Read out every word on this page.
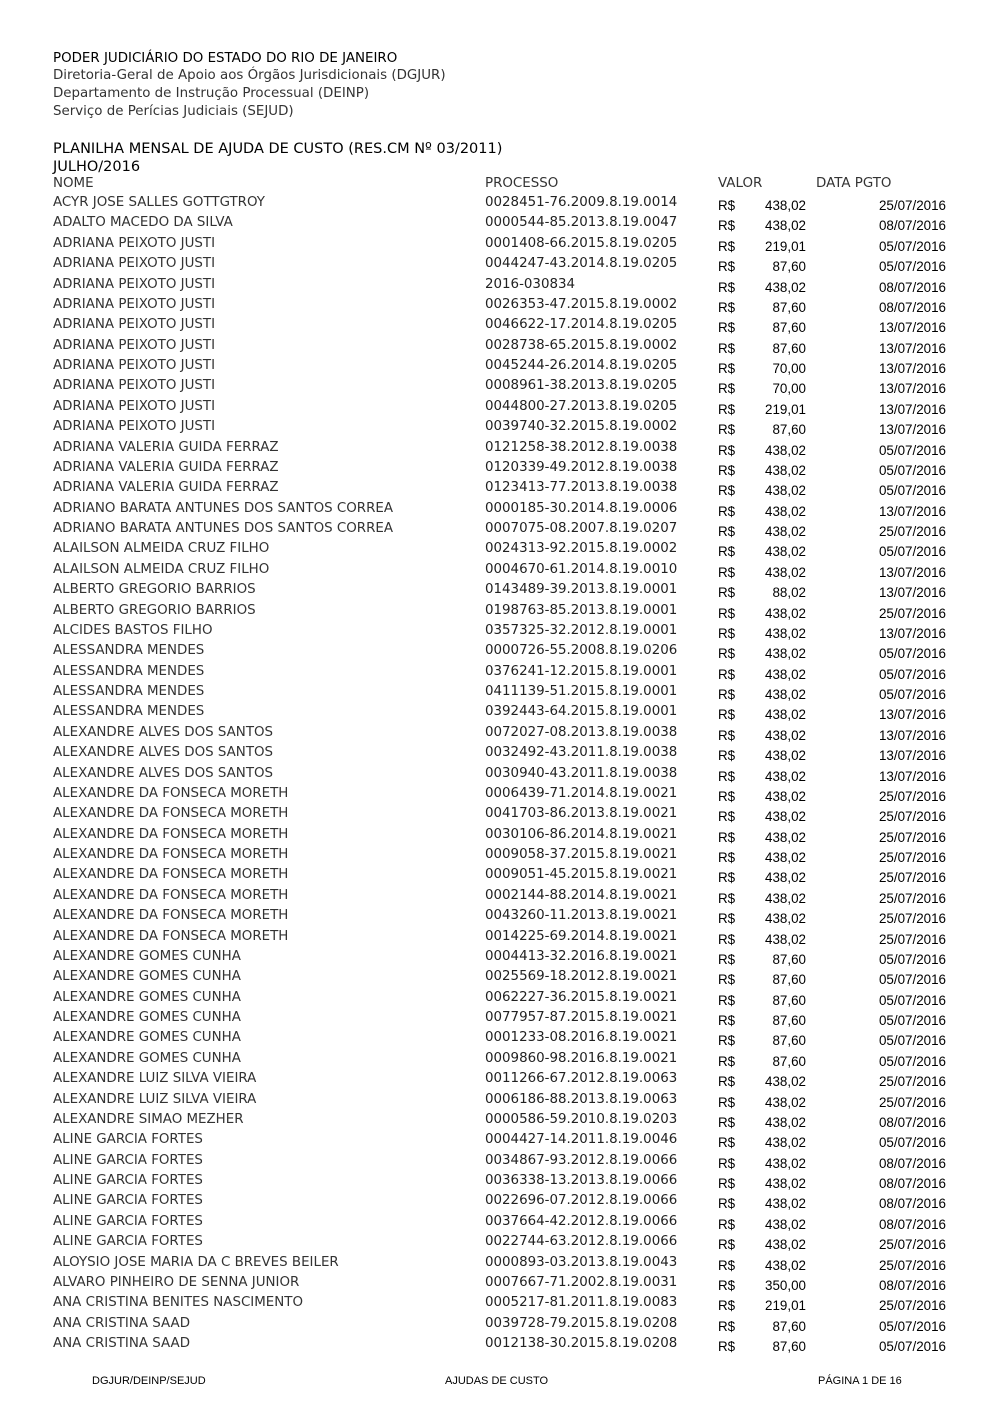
PODER JUDICIÁRIO DO ESTADO DO RIO DE JANEIRO
Diretoria-Geral de Apoio aos Órgãos Jurisdicionais (DGJUR)
Departamento de Instrução Processual (DEINP)
Serviço de Perícias Judiciais (SEJUD)
PLANILHA MENSAL DE AJUDA DE CUSTO (RES.CM Nº 03/2011)
JULHO/2016
NOME	PROCESSO	VALOR	DATA PGTO
ACYR JOSE SALLES GOTTGTROY	0028451-76.2009.8.19.0014	R$ 438,02	25/07/2016
ADALTO MACEDO DA SILVA	0000544-85.2013.8.19.0047	R$ 438,02	08/07/2016
ADRIANA PEIXOTO JUSTI	0001408-66.2015.8.19.0205	R$ 219,01	05/07/2016
ADRIANA PEIXOTO JUSTI	0044247-43.2014.8.19.0205	R$	87,60	05/07/2016
ADRIANA PEIXOTO JUSTI	2016-030834	R$ 438,02	08/07/2016
ADRIANA PEIXOTO JUSTI	0026353-47.2015.8.19.0002	R$	87,60	08/07/2016
ADRIANA PEIXOTO JUSTI	0046622-17.2014.8.19.0205	R$	87,60	13/07/2016
ADRIANA PEIXOTO JUSTI	0028738-65.2015.8.19.0002	R$	87,60	13/07/2016
ADRIANA PEIXOTO JUSTI	0045244-26.2014.8.19.0205	R$	70,00	13/07/2016
ADRIANA PEIXOTO JUSTI	0008961-38.2013.8.19.0205	R$	70,00	13/07/2016
ADRIANA PEIXOTO JUSTI	0044800-27.2013.8.19.0205	R$ 219,01	13/07/2016
ADRIANA PEIXOTO JUSTI	0039740-32.2015.8.19.0002	R$	87,60	13/07/2016
ADRIANA VALERIA GUIDA FERRAZ	0121258-38.2012.8.19.0038	R$ 438,02	05/07/2016
ADRIANA VALERIA GUIDA FERRAZ	0120339-49.2012.8.19.0038	R$ 438,02	05/07/2016
ADRIANA VALERIA GUIDA FERRAZ	0123413-77.2013.8.19.0038	R$ 438,02	05/07/2016
ADRIANO BARATA ANTUNES DOS SANTOS CORREA	0000185-30.2014.8.19.0006	R$ 438,02	13/07/2016
ADRIANO BARATA ANTUNES DOS SANTOS CORREA	0007075-08.2007.8.19.0207	R$ 438,02	25/07/2016
ALAILSON ALMEIDA CRUZ FILHO	0024313-92.2015.8.19.0002	R$ 438,02	05/07/2016
ALAILSON ALMEIDA CRUZ FILHO	0004670-61.2014.8.19.0010	R$ 438,02	13/07/2016
ALBERTO GREGORIO BARRIOS	0143489-39.2013.8.19.0001	R$	88,02	13/07/2016
ALBERTO GREGORIO BARRIOS	0198763-85.2013.8.19.0001	R$ 438,02	25/07/2016
ALCIDES BASTOS FILHO	0357325-32.2012.8.19.0001	R$ 438,02	13/07/2016
ALESSANDRA MENDES	0000726-55.2008.8.19.0206	R$ 438,02	05/07/2016
ALESSANDRA MENDES	0376241-12.2015.8.19.0001	R$ 438,02	05/07/2016
ALESSANDRA MENDES	0411139-51.2015.8.19.0001	R$ 438,02	05/07/2016
ALESSANDRA MENDES	0392443-64.2015.8.19.0001	R$ 438,02	13/07/2016
ALEXANDRE ALVES DOS SANTOS	0072027-08.2013.8.19.0038	R$ 438,02	13/07/2016
ALEXANDRE ALVES DOS SANTOS	0032492-43.2011.8.19.0038	R$ 438,02	13/07/2016
ALEXANDRE ALVES DOS SANTOS	0030940-43.2011.8.19.0038	R$ 438,02	13/07/2016
ALEXANDRE DA FONSECA MORETH	0006439-71.2014.8.19.0021	R$ 438,02	25/07/2016
ALEXANDRE DA FONSECA MORETH	0041703-86.2013.8.19.0021	R$ 438,02	25/07/2016
ALEXANDRE DA FONSECA MORETH	0030106-86.2014.8.19.0021	R$ 438,02	25/07/2016
ALEXANDRE DA FONSECA MORETH	0009058-37.2015.8.19.0021	R$ 438,02	25/07/2016
ALEXANDRE DA FONSECA MORETH	0009051-45.2015.8.19.0021	R$ 438,02	25/07/2016
ALEXANDRE DA FONSECA MORETH	0002144-88.2014.8.19.0021	R$ 438,02	25/07/2016
ALEXANDRE DA FONSECA MORETH	0043260-11.2013.8.19.0021	R$ 438,02	25/07/2016
ALEXANDRE DA FONSECA MORETH	0014225-69.2014.8.19.0021	R$ 438,02	25/07/2016
ALEXANDRE GOMES CUNHA	0004413-32.2016.8.19.0021	R$	87,60	05/07/2016
ALEXANDRE GOMES CUNHA	0025569-18.2012.8.19.0021	R$	87,60	05/07/2016
ALEXANDRE GOMES CUNHA	0062227-36.2015.8.19.0021	R$	87,60	05/07/2016
ALEXANDRE GOMES CUNHA	0077957-87.2015.8.19.0021	R$	87,60	05/07/2016
ALEXANDRE GOMES CUNHA	0001233-08.2016.8.19.0021	R$	87,60	05/07/2016
ALEXANDRE GOMES CUNHA	0009860-98.2016.8.19.0021	R$	87,60	05/07/2016
ALEXANDRE LUIZ SILVA VIEIRA	0011266-67.2012.8.19.0063	R$ 438,02	25/07/2016
ALEXANDRE LUIZ SILVA VIEIRA	0006186-88.2013.8.19.0063	R$ 438,02	25/07/2016
ALEXANDRE SIMAO MEZHER	0000586-59.2010.8.19.0203	R$ 438,02	08/07/2016
ALINE GARCIA FORTES	0004427-14.2011.8.19.0046	R$ 438,02	05/07/2016
ALINE GARCIA FORTES	0034867-93.2012.8.19.0066	R$ 438,02	08/07/2016
ALINE GARCIA FORTES	0036338-13.2013.8.19.0066	R$ 438,02	08/07/2016
ALINE GARCIA FORTES	0022696-07.2012.8.19.0066	R$ 438,02	08/07/2016
ALINE GARCIA FORTES	0037664-42.2012.8.19.0066	R$ 438,02	08/07/2016
ALINE GARCIA FORTES	0022744-63.2012.8.19.0066	R$ 438,02	25/07/2016
ALOYSIO JOSE MARIA DA C BREVES BEILER	0000893-03.2013.8.19.0043	R$ 438,02	25/07/2016
ALVARO PINHEIRO DE SENNA JUNIOR	0007667-71.2002.8.19.0031	R$ 350,00	08/07/2016
ANA CRISTINA BENITES NASCIMENTO	0005217-81.2011.8.19.0083	R$ 219,01	25/07/2016
ANA CRISTINA SAAD	0039728-79.2015.8.19.0208	R$	87,60	05/07/2016
ANA CRISTINA SAAD	0012138-30.2015.8.19.0208	R$	87,60	05/07/2016
DGJUR/DEINP/SEJUD	AJUDAS DE CUSTO	PÁGINA 1 DE 16
